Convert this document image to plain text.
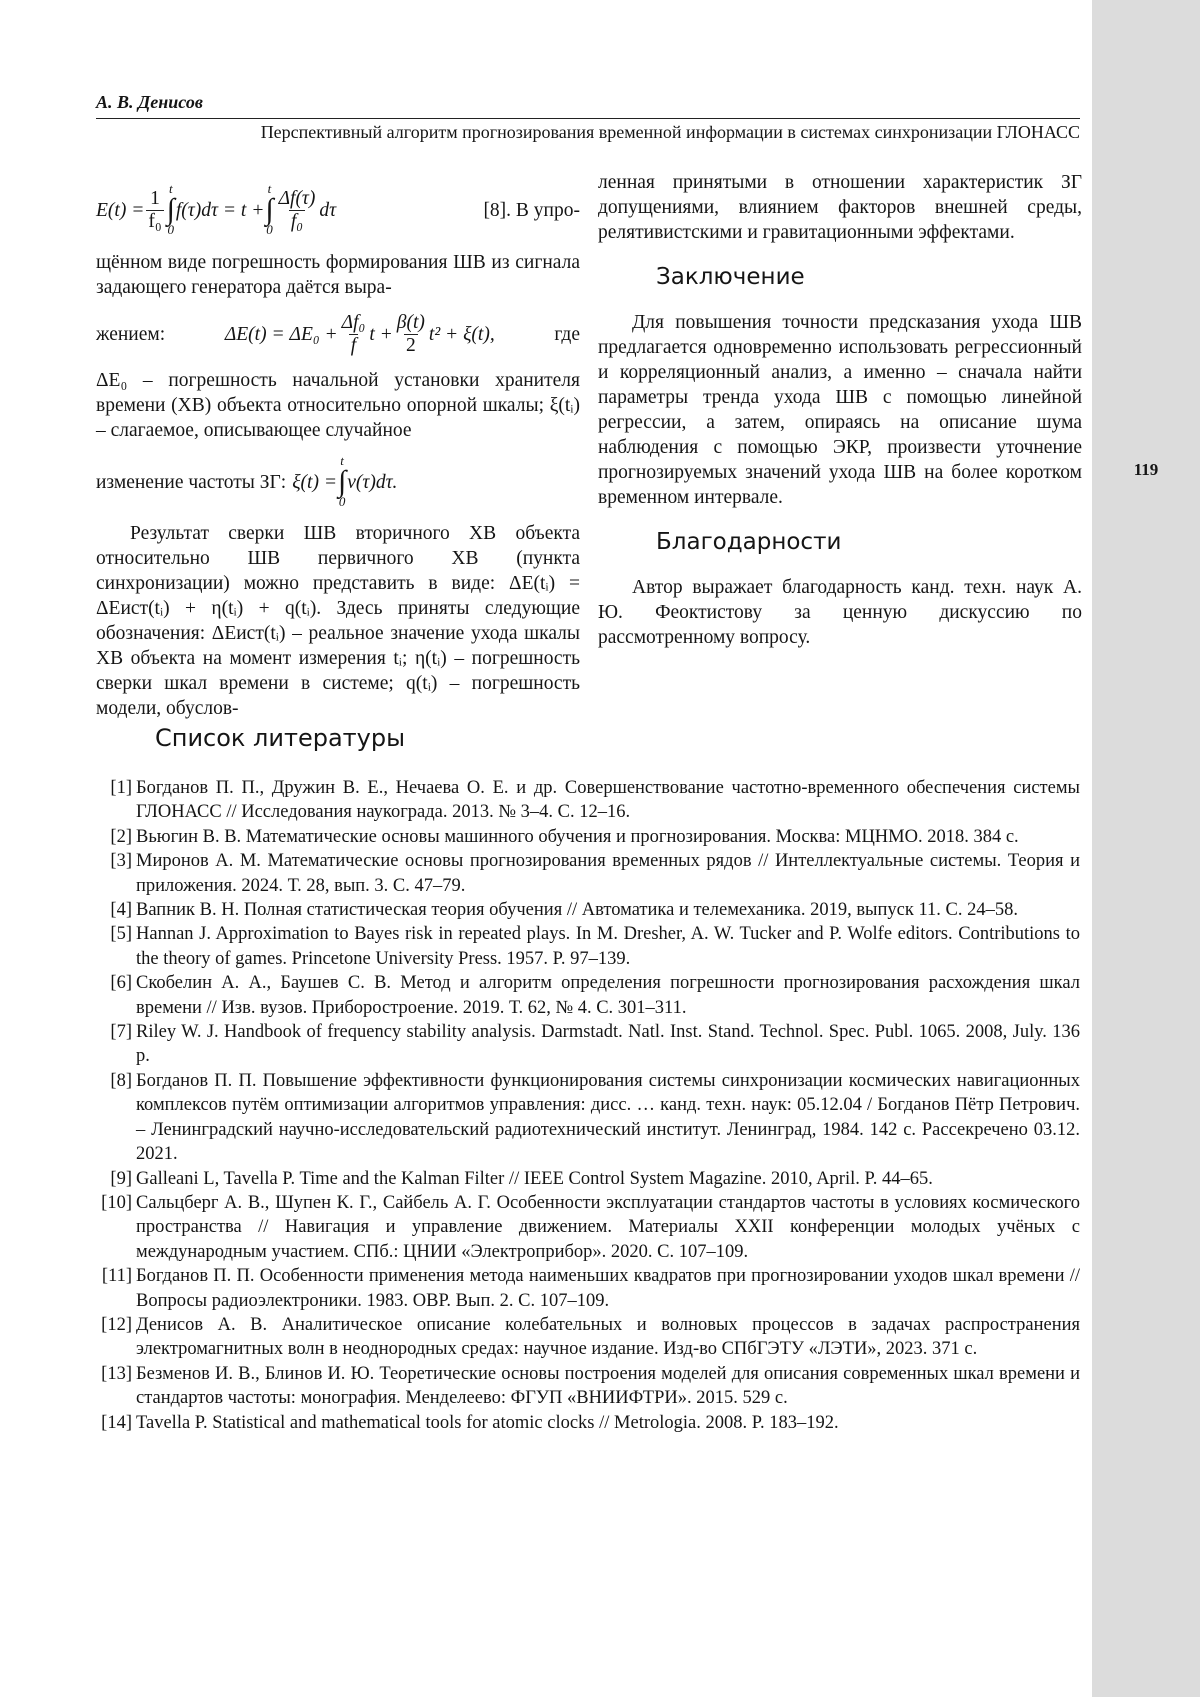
119
А. В. Денисов
Перспективный алгоритм прогнозирования временной информации в системах синхронизации ГЛОНАСС
E(t) =
1
f₀
t
∫
0
f(τ)dτ = t +
t
∫
0
Δf(τ)
f₀
dτ	[8]. В упро-

щённом виде погрешность формирования ШВ из сигнала задающего генератора даётся выра-

жением:	ΔE(t) = ΔE₀ +
Δf₀
f
t +
β(t)
2
t² + ξ(t),	где

ΔE₀ – погрешность начальной установки хранителя времени (ХВ) объекта относительно опорной шкалы; ξ(tᵢ) – слагаемое, описывающее случайное

изменение частоты ЗГ: ξ(t) =
t
∫
0
ν(τ)dτ.

Результат сверки ШВ вторичного ХВ объекта относительно ШВ первичного ХВ (пункта синхронизации) можно представить в виде: ΔE(tᵢ) = ΔEист(tᵢ) + η(tᵢ) + q(tᵢ). Здесь приняты следующие обозначения: ΔEист(tᵢ) – реальное значение ухода шкалы ХВ объекта на момент измерения tᵢ; η(tᵢ) – погрешность сверки шкал времени в системе; q(tᵢ) – погрешность модели, обуслов-

ленная принятыми в отношении характеристик ЗГ допущениями, влиянием факторов внешней среды, релятивистскими и гравитационными эффектами.

Заключение

Для повышения точности предсказания ухода ШВ предлагается одновременно использовать регрессионный и корреляционный анализ, а именно – сначала найти параметры тренда ухода ШВ с помощью линейной регрессии, а затем, опираясь на описание шума наблюдения с помощью ЭКР, произвести уточнение прогнозируемых значений ухода ШВ на более коротком временном интервале.

Благодарности

Автор выражает благодарность канд. техн. наук А. Ю. Феоктистову за ценную дискуссию по рассмотренному вопросу.

Список литературы
[1] Богданов П. П., Дружин В. Е., Нечаева О. Е. и др. Совершенствование частотно-временного обеспечения системы ГЛОНАСС // Исследования наукограда. 2013. № 3–4. С. 12–16.
[2] Вьюгин В. В. Математические основы машинного обучения и прогнозирования. Москва: МЦНМО. 2018. 384 с.
[3] Миронов А. М. Математические основы прогнозирования временных рядов // Интеллектуальные системы. Теория и приложения. 2024. Т. 28, вып. 3. С. 47–79.
[4] Вапник В. Н. Полная статистическая теория обучения // Автоматика и телемеханика. 2019, выпуск 11. С. 24–58.
[5] Hannan J. Approximation to Bayes risk in repeated plays. In M. Dresher, A. W. Tucker and P. Wolfe editors. Contributions to the theory of games. Princetone University Press. 1957. P. 97–139.
[6] Скобелин А. А., Баушев С. В. Метод и алгоритм определения погрешности прогнозирования расхождения шкал времени // Изв. вузов. Приборостроение. 2019. Т. 62, № 4. С. 301–311.
[7] Riley W. J. Handbook of frequency stability analysis. Darmstadt. Natl. Inst. Stand. Technol. Spec. Publ. 1065. 2008, July. 136 p.
[8] Богданов П. П. Повышение эффективности функционирования системы синхронизации космических навигационных комплексов путём оптимизации алгоритмов управления: дисс. … канд. техн. наук: 05.12.04 / Богданов Пётр Петрович. – Ленинградский научно-исследовательский радиотехнический институт. Ленинград, 1984. 142 с. Рассекречено 03.12. 2021.
[9] Galleani L, Tavella P. Time and the Kalman Filter // IEEE Control System Magazine. 2010, April. P. 44–65.
[10] Сальцберг А. В., Шупен К. Г., Сайбель А. Г. Особенности эксплуатации стандартов частоты в условиях космического пространства // Навигация и управление движением. Материалы XXII конференции молодых учёных с международным участием. СПб.: ЦНИИ «Электроприбор». 2020. С. 107–109.
[11] Богданов П. П. Особенности применения метода наименьших квадратов при прогнозировании уходов шкал времени // Вопросы радиоэлектроники. 1983. ОВР. Вып. 2. С. 107–109.
[12] Денисов А. В. Аналитическое описание колебательных и волновых процессов в задачах распространения электромагнитных волн в неоднородных средах: научное издание. Изд-во СПбГЭТУ «ЛЭТИ», 2023. 371 с.
[13] Безменов И. В., Блинов И. Ю. Теоретические основы построения моделей для описания современных шкал времени и стандартов частоты: монография. Менделеево: ФГУП «ВНИИФТРИ». 2015. 529 с.
[14] Tavella P. Statistical and mathematical tools for atomic clocks // Metrologia. 2008. P. 183–192.
